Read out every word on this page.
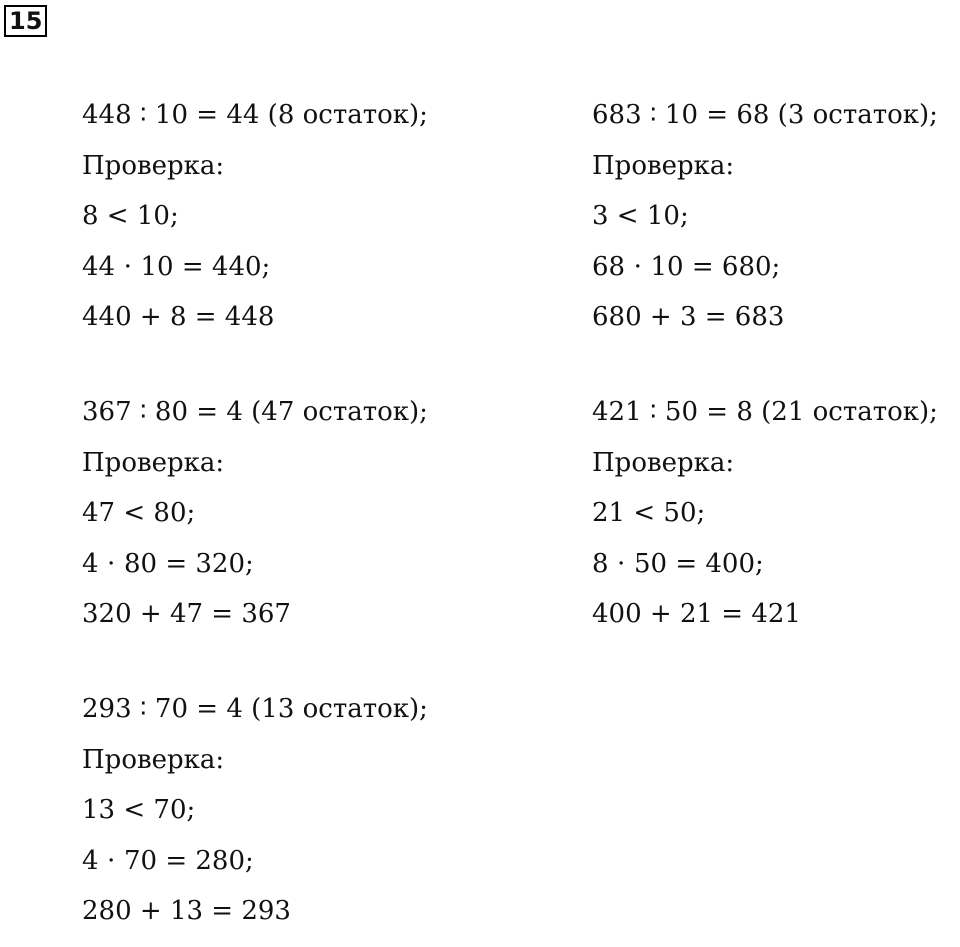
15
448 ∶ 10 = 44 (8 остаток);
Проверка:
8 < 10;
44 ⋅ 10 = 440;
440 + 8 = 448
683 ∶ 10 = 68 (3 остаток);
Проверка:
3 < 10;
68 ⋅ 10 = 680;
680 + 3 = 683
367 ∶ 80 = 4 (47 остаток);
Проверка:
47 < 80;
4 ⋅ 80 = 320;
320 + 47 = 367
421 ∶ 50 = 8 (21 остаток);
Проверка:
21 < 50;
8 ⋅ 50 = 400;
400 + 21 = 421
293 ∶ 70 = 4 (13 остаток);
Проверка:
13 < 70;
4 ⋅ 70 = 280;
280 + 13 = 293
